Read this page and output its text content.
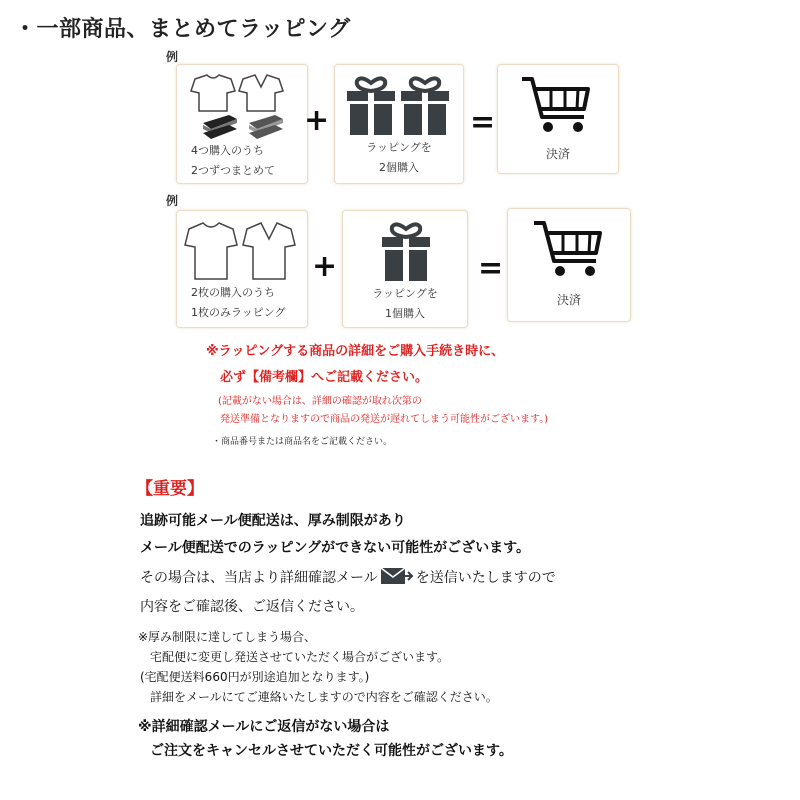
・一部商品、まとめてラッピング
例
4つ購入のうち
2つずつまとめて
+
ラッピングを
2個購入
=
決済
例
2枚の購入のうち
1枚のみラッピング
+
ラッピングを
1個購入
=
決済
※ラッピングする商品の詳細をご購入手続き時に、
必ず【備考欄】へご記載ください。
(記載がない場合は、詳細の確認が取れ次第の
発送準備となりますので商品の発送が遅れてしまう可能性がございます。)
・商品番号または商品名をご記載ください。
【重要】
追跡可能メール便配送は、厚み制限があり
メール便配送でのラッピングができない可能性がございます。
その場合は、当店より詳細確認メール	を送信いたしますので
内容をご確認後、ご返信ください。
※厚み制限に達してしまう場合、
宅配便に変更し発送させていただく場合がございます。
(宅配便送料660円が別途追加となります。)
詳細をメールにてご連絡いたしますので内容をご確認ください。
※詳細確認メールにご返信がない場合は
ご注文をキャンセルさせていただく可能性がございます。
